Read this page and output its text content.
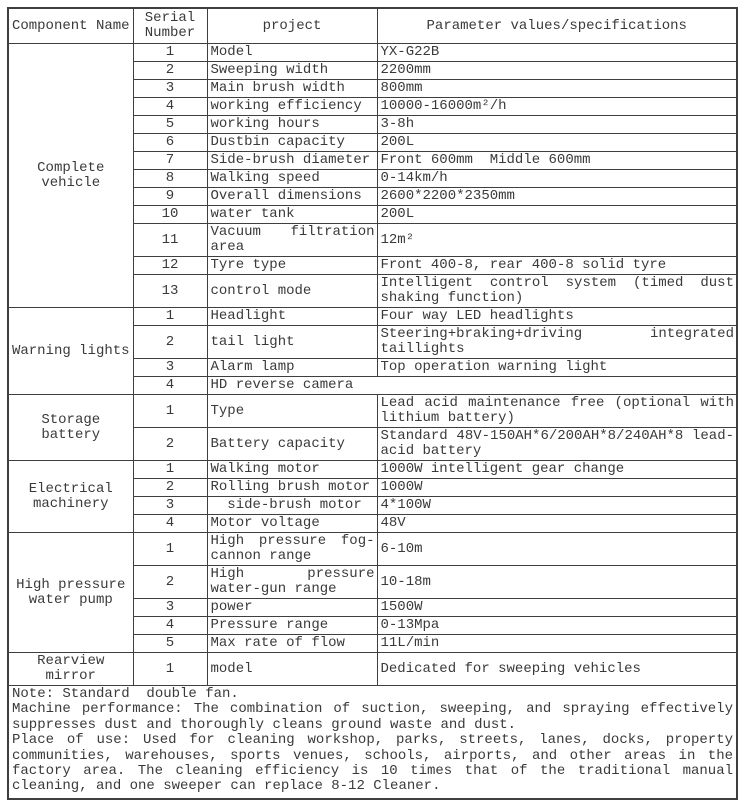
Component Name	Serial Number	project	Parameter values/specifications
Complete vehicle	1	Model	YX-G22B
	2	Sweeping width	2200mm
	3	Main brush width	800mm
	4	working efficiency	10000-16000m²/h
	5	working hours	3-8h
	6	Dustbin capacity	200L
	7	Side-brush diameter	Front 600mm  Middle 600mm
	8	Walking speed	0-14km/h
	9	Overall dimensions	2600*2200*2350mm
	10	water tank	200L
	11	Vacuum filtration area	12m²
	12	Tyre type	Front 400-8, rear 400-8 solid tyre
	13	control mode	Intelligent control system (timed dust shaking function)
Warning lights	1	Headlight	Four way LED headlights
	2	tail light	Steering+braking+driving integrated taillights
	3	Alarm lamp	Top operation warning light
	4	HD reverse camera	
Storage battery	1	Type	Lead acid maintenance free (optional with lithium battery)
	2	Battery capacity	Standard 48V-150AH*6/200AH*8/240AH*8 lead-acid battery
Electrical machinery	1	Walking motor	1000W intelligent gear change
	2	Rolling brush motor	1000W
	3	side-brush motor	4*100W
	4	Motor voltage	48V
High pressure water pump	1	High pressure fog-cannon range	6-10m
	2	High pressure water-gun range	10-18m
	3	power	1500W
	4	Pressure range	0-13Mpa
	5	Max rate of flow	11L/min
Rearview mirror	1	model	Dedicated for sweeping vehicles

Note: Standard  double fan.

Machine performance: The combination of suction, sweeping, and spraying effectively suppresses dust and thoroughly cleans ground waste and dust.

Place of use: Used for cleaning workshop, parks, streets, lanes, docks, property communities, warehouses, sports venues, schools, airports, and other areas in the factory area. The cleaning efficiency is 10 times that of the traditional manual cleaning, and one sweeper can replace 8-12 Cleaner.			
